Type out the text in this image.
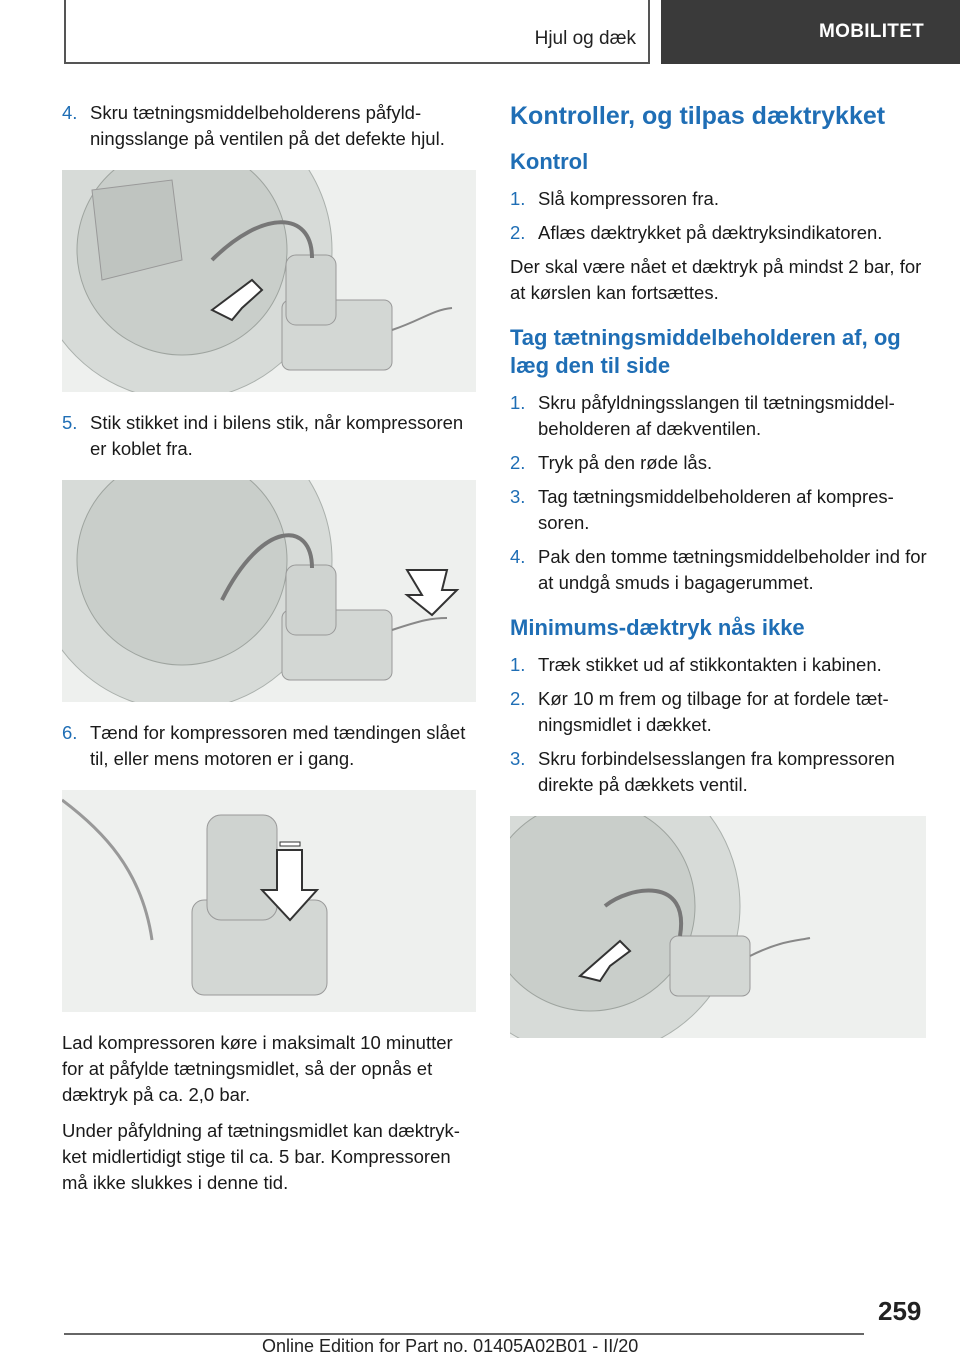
Hjul og dæk	MOBILITET
4. Skru tætningsmiddelbeholderens påfyldningsslange på ventilen på det defekte hjul.
5. Stik stikket ind i bilens stik, når kompressoren er koblet fra.
6. Tænd for kompressoren med tændingen slået til, eller mens motoren er i gang.

Lad kompressoren køre i maksimalt 10 minutter for at påfylde tætningsmidlet, så der opnås et dæktryk på ca. 2,0 bar.

Under påfyldning af tætningsmidlet kan dæktrykket midlertidigt stige til ca. 5 bar. Kompressoren må ikke slukkes i denne tid.

Kontroller, og tilpas dæktrykket
Kontrol
1. Slå kompressoren fra.
2. Aflæs dæktrykket på dæktryksindikatoren.

Der skal være nået et dæktryk på mindst 2 bar, for at kørslen kan fortsættes.

Tag tætningsmiddelbeholderen af, og læg den til side
1. Skru påfyldningsslangen til tætningsmiddelbeholderen af dækventilen.
2. Tryk på den røde lås.
3. Tag tætningsmiddelbeholderen af kompressoren.
4. Pak den tomme tætningsmiddelbeholder ind for at undgå smuds i bagagerummet.
Minimums-dæktryk nås ikke
1. Træk stikket ud af stikkontakten i kabinen.
2. Kør 10 m frem og tilbage for at fordele tætningsmidlet i dækket.
3. Skru forbindelsesslangen fra kompressoren direkte på dækkets ventil.
259
Online Edition for Part no. 01405A02B01 - II/20
